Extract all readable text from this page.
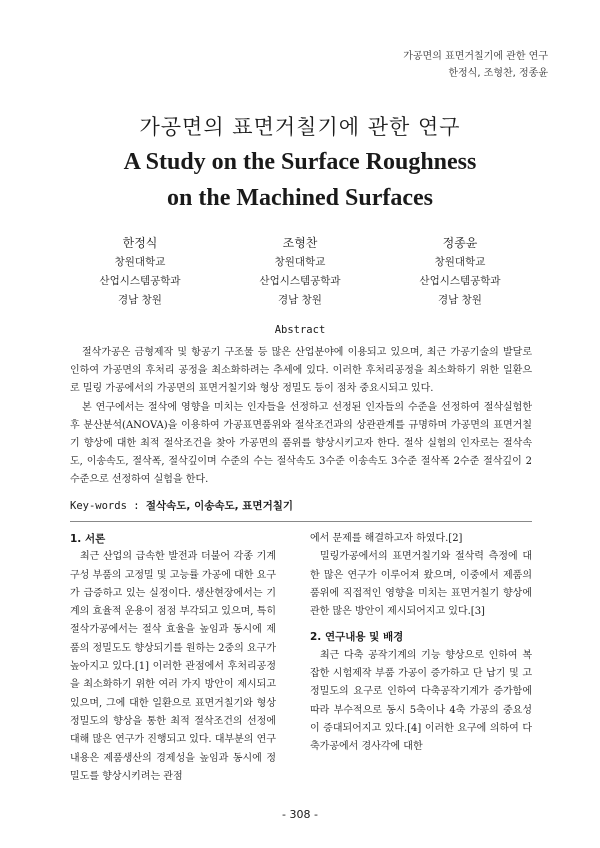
가공면의 표면거칠기에 관한 연구
한정식, 조형찬, 정종윤
가공면의 표면거칠기에 관한 연구
A Study on the Surface Roughness
on the Machined Surfaces
한정식
창원대학교
산업시스템공학과
경남 창원
조형찬
창원대학교
산업시스템공학과
경남 창원
정종윤
창원대학교
산업시스템공학과
경남 창원
Abstract

절삭가공은 금형제작 및 항공기 구조물 등 많은 산업분야에 이용되고 있으며, 최근 가공기술의 발달로 인하여 가공면의 후처리 공정을 최소화하려는 추세에 있다. 이러한 후처리공정을 최소화하기 위한 일환으로 밀링 가공에서의 가공면의 표면거칠기와 형상 정밀도 등이 점차 중요시되고 있다.

본 연구에서는 절삭에 영향을 미치는 인자들을 선정하고 선정된 인자들의 수준을 선정하여 절삭실험한 후 분산분석(ANOVA)을 이용하여 가공표면품위와 절삭조건과의 상관관계를 규명하며 가공면의 표면거칠기 향상에 대한 최적 절삭조건을 찾아 가공면의 품위를 향상시키고자 한다. 절삭 실험의 인자로는 절삭속도, 이송속도, 절삭폭, 절삭깊이며 수준의 수는 절삭속도 3수준 이송속도 3수준 절삭폭 2수준 절삭깊이 2수준으로 선정하여 실험을 한다.

Key-words : 절삭속도, 이송속도, 표면거칠기
1. 서론

최근 산업의 급속한 발전과 더불어 각종 기계구성 부품의 고정밀 및 고능률 가공에 대한 요구가 급증하고 있는 실정이다. 생산현장에서는 기계의 효율적 운용이 점점 부각되고 있으며, 특히 절삭가공에서는 절삭 효율을 높임과 동시에 제품의 정밀도도 향상되기를 원하는 2중의 요구가 높아지고 있다.[1] 이러한 관점에서 후처리공정을 최소화하기 위한 여러 가지 방안이 제시되고 있으며, 그에 대한 일환으로 표면거칠기와 형상 정밀도의 향상을 통한 최적 절삭조건의 선정에 대해 많은 연구가 진행되고 있다. 대부분의 연구내용은 제품생산의 경제성을 높임과 동시에 정밀도를 향상시키려는 관점

에서 문제를 해결하고자 하였다.[2]

밀링가공에서의 표면거칠기와 절삭력 측정에 대한 많은 연구가 이루어져 왔으며, 이중에서 제품의 품위에 직접적인 영향을 미치는 표면거칠기 향상에 관한 많은 방안이 제시되어지고 있다.[3]

2. 연구내용 및 배경

최근 다축 공작기계의 기능 향상으로 인하여 복잡한 시험제작 부품 가공이 증가하고 단 납기 및 고정밀도의 요구로 인하여 다축공작기계가 증가함에 따라 부수적으로 동시 5축이나 4축 가공의 중요성이 증대되어지고 있다.[4] 이러한 요구에 의하여 다축가공에서 경사각에 대한

- 308 -
